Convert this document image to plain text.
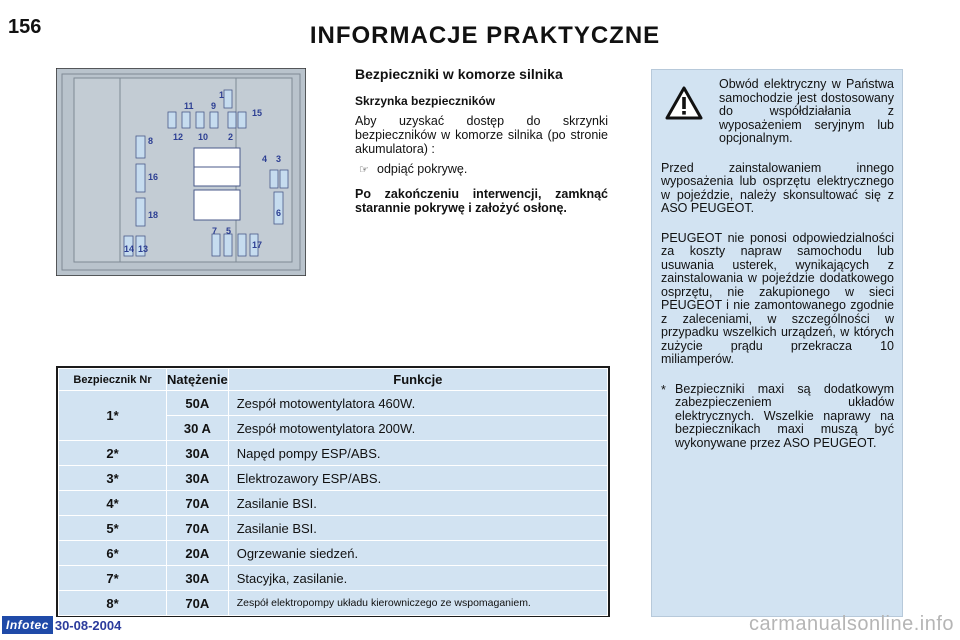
156	INFORMACJE PRAKTYCZNE
1
9
11
15
12 10 2
8
16
4 3
18	6
7 5
17
14 13
Bezpieczniki w komorze silnika
Skrzynka bezpieczników

Aby uzyskać dostęp do skrzynki bezpieczników w komorze silnika (po stronie akumulatora) :

☞ odpiąć pokrywę.

Po zakończeniu interwencji, zamknąć starannie pokrywę i założyć osłonę.

Bezpiecznik Nr	Natężenie	Funkcje
1*	50A	Zespół motowentylatora 460W.
	30 A	Zespół motowentylatora 200W.
2*	30A	Napęd pompy ESP/ABS.
3*	30A	Elektrozawory ESP/ABS.
4*	70A	Zasilanie BSI.
5*	70A	Zasilanie BSI.
6*	20A	Ogrzewanie siedzeń.
7*	30A	Stacyjka, zasilanie.
8*	70A	Zespół elektropompy układu kierowniczego ze wspomaganiem.

Obwód elektryczny w Państwa samochodzie jest dostosowany do współdziałania z wyposażeniem seryjnym lub opcjonalnym.

Przed zainstalowaniem innego wyposażenia lub osprzętu elektrycznego w pojeździe, należy skonsultować się z ASO PEUGEOT.

PEUGEOT nie ponosi odpowiedzialności za koszty napraw samochodu lub usuwania usterek, wynikających z zainstalowania w pojeździe dodatkowego osprzętu, nie zakupionego w sieci PEUGEOT i nie zamontowanego zgodnie z zaleceniami, w szczególności w przypadku wszelkich urządzeń, w których zużycie prądu przekracza 10 miliamperów.

* Bezpieczniki maxi są dodatkowym zabezpieczeniem układów elektrycznych. Wszelkie naprawy na bezpiecznikach maxi muszą być wykonywane przez ASO PEUGEOT.

Infotec 30-08-2004	carmanualsonline.info
